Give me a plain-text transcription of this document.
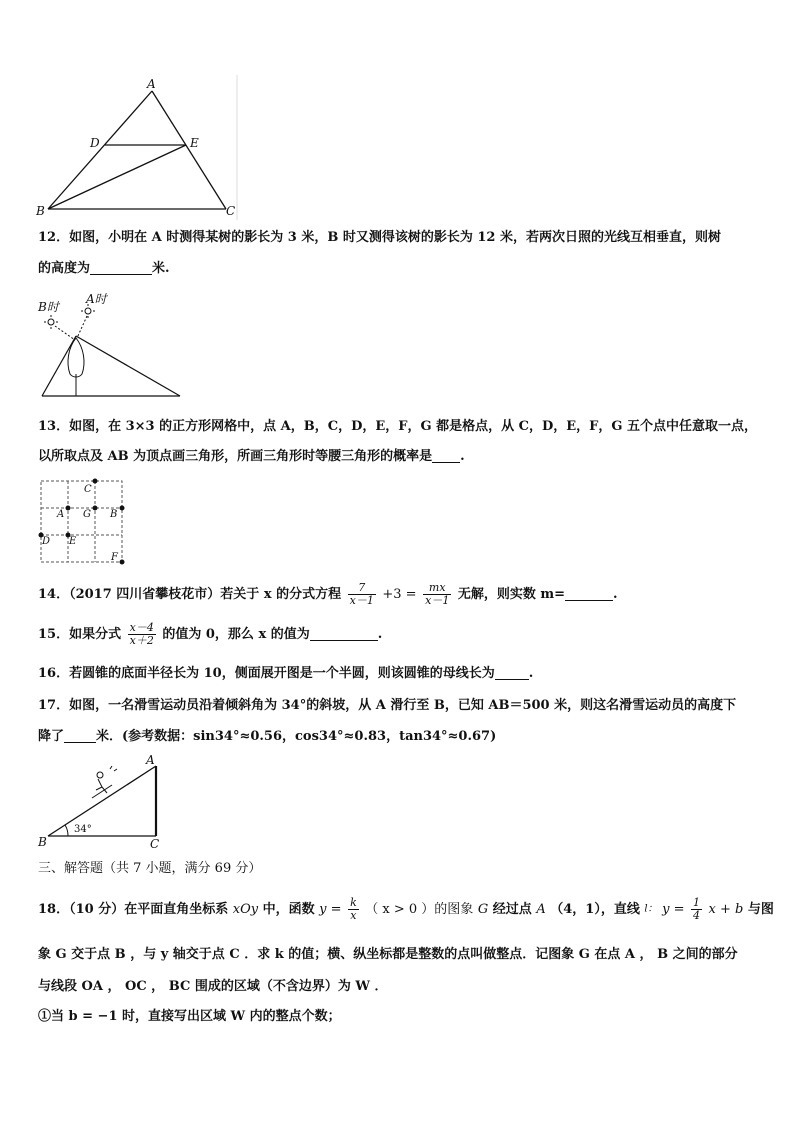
A
D	E
B	C
12．如图，小明在 A 时测得某树的影长为 3 米，B 时又测得该树的影长为 12 米，若两次日照的光线互相垂直，则树
的高度为	米.
B时
A时
13．如图，在 3×3 的正方形网格中，点 A，B，C，D，E，F，G 都是格点，从 C，D，E，F，G 五个点中任意取一点，
以所取点及 AB 为顶点画三角形，所画三角形时等腰三角形的概率是 .
C
A G B
D E
F
14．（2017 四川省攀枝花市）若关于 x 的分式方程 $\frac{7}{x-1} +3 = \frac{mx}{x-1}$ 无解，则实数 m=	.
15．如果分式 $\frac{x-4}{x+2}$ 的值为 0，那么 x 的值为	.
16．若圆锥的底面半径长为 10，侧面展开图是一个半圆，则该圆锥的母线长为	.
17．如图，一名滑雪运动员沿着倾斜角为 34°的斜坡，从 A 滑行至 B，已知 AB＝500 米，则这名滑雪运动员的高度下
降了 米．(参考数据：sin34°≈0.56，cos34°≈0.83，tan34°≈0.67)
A
B	C
34°
三、解答题（共 7 小题，满分 69 分）
18．（10 分）在平面直角坐标系 xOy 中，函数 $y = \frac{k}{x}$ （ x > 0 ）的图象 G 经过点 A （4，1），直线 l： $y = \frac{1}{4}$ x + b 与图
象 G 交于点 B ，与 y 轴交于点 C ．求 k 的值；横、纵坐标都是整数的点叫做整点．记图象 G 在点 A ， B 之间的部分
与线段 OA ， OC ， BC 围成的区域（不含边界）为 W ．
①当 b = −1 时，直接写出区域 W 内的整点个数；
